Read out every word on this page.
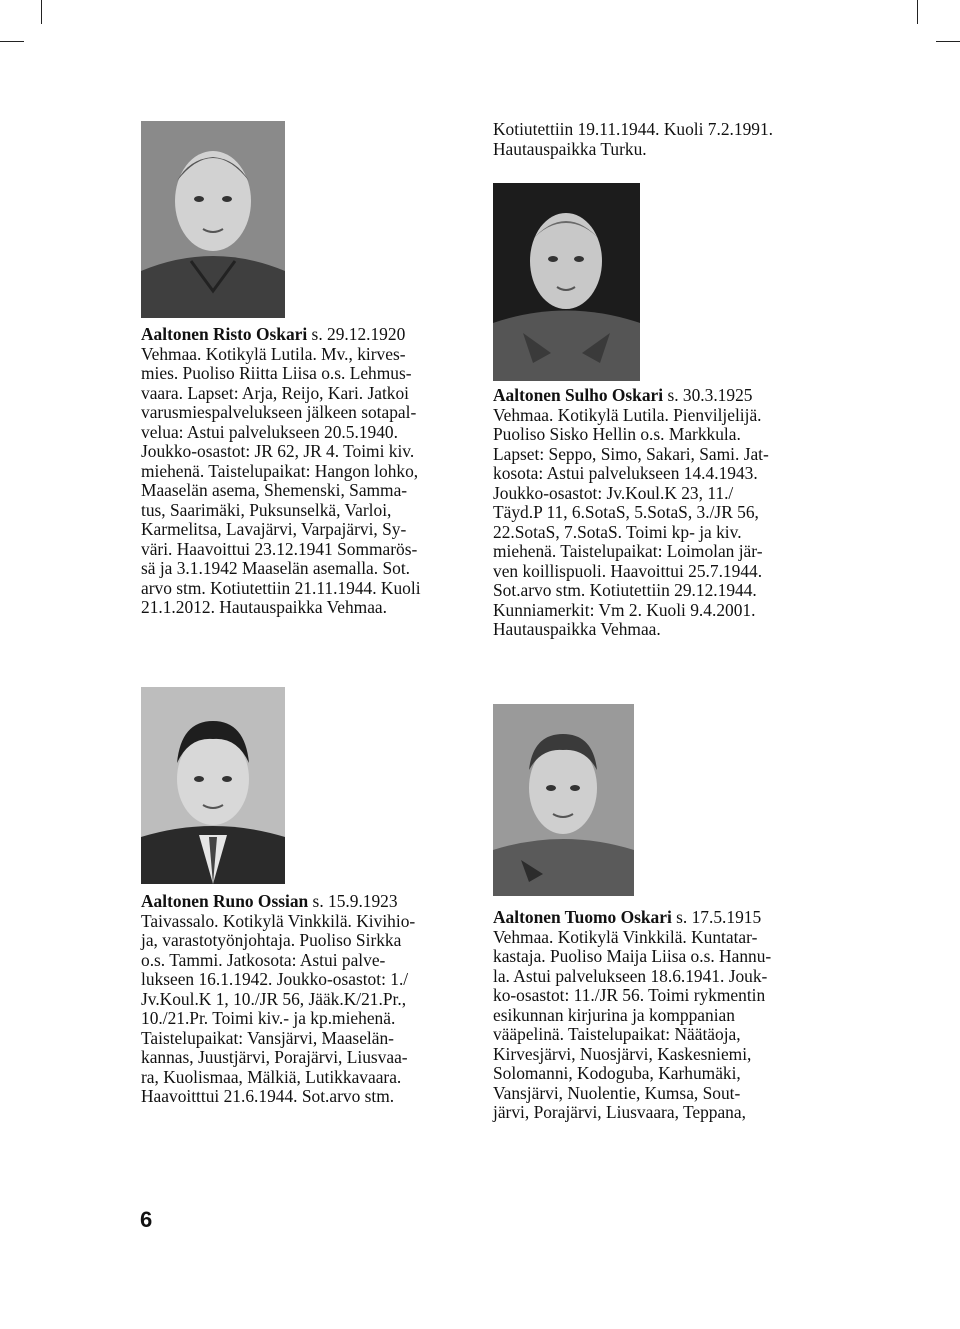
Kotiutettiin 19.11.1944. Kuoli 7.2.1991.

Hautauspaikka Turku.

Aaltonen Risto Oskari s. 29.12.1920

Vehmaa. Kotikylä Lutila. Mv., kirves-

mies. Puoliso Riitta Liisa o.s. Lehmus-

vaara. Lapset: Arja, Reijo, Kari. Jatkoi

varusmiespalvelukseen jälkeen sotapal-

velua: Astui palvelukseen 20.5.1940.

Joukko-osastot: JR 62, JR 4. Toimi kiv.

miehenä. Taistelupaikat: Hangon lohko,

Maaselän asema, Shemenski, Samma-

tus, Saarimäki, Puksunselkä, Varloi,

Karmelitsa, Lavajärvi, Varpajärvi, Sy-

väri. Haavoittui 23.12.1941 Sommarös-

sä ja 3.1.1942 Maaselän asemalla. Sot.

arvo stm. Kotiutettiin 21.11.1944. Kuoli

21.1.2012. Hautauspaikka Vehmaa.

Aaltonen Sulho Oskari s. 30.3.1925

Vehmaa. Kotikylä Lutila. Pienviljelijä.

Puoliso Sisko Hellin o.s. Markkula.

Lapset: Seppo, Simo, Sakari, Sami. Jat-

kosota: Astui palvelukseen 14.4.1943.

Joukko-osastot: Jv.Koul.K 23, 11./

Täyd.P 11, 6.SotaS, 5.SotaS, 3./JR 56,

22.SotaS, 7.SotaS. Toimi kp- ja kiv.

miehenä. Taistelupaikat: Loimolan jär-

ven koillispuoli. Haavoittui 25.7.1944.

Sot.arvo stm. Kotiutettiin 29.12.1944.

Kunniamerkit: Vm 2. Kuoli 9.4.2001.

Hautauspaikka Vehmaa.

Aaltonen Runo Ossian s. 15.9.1923

Taivassalo. Kotikylä Vinkkilä. Kivihio-

ja, varastotyönjohtaja. Puoliso Sirkka

o.s. Tammi. Jatkosota: Astui palve-

lukseen 16.1.1942. Joukko-osastot: 1./

Jv.Koul.K 1, 10./JR 56, Jääk.K/21.Pr.,

10./21.Pr. Toimi kiv.- ja kp.miehenä.

Taistelupaikat: Vansjärvi, Maaselän-

kannas, Juustjärvi, Porajärvi, Liusvaa-

ra, Kuolismaa, Mälkiä, Lutikkavaara.

Haavoitttui 21.6.1944. Sot.arvo stm.

Aaltonen Tuomo Oskari s. 17.5.1915

Vehmaa. Kotikylä Vinkkilä. Kuntatar-

kastaja. Puoliso Maija Liisa o.s. Hannu-

la. Astui palvelukseen 18.6.1941. Jouk-

ko-osastot: 11./JR 56. Toimi rykmentin

esikunnan kirjurina ja komppanian

vääpelinä. Taistelupaikat: Näätäoja,

Kirvesjärvi, Nuosjärvi, Kaskesniemi,

Solomanni, Kodoguba, Karhumäki,

Vansjärvi, Nuolentie, Kumsa, Sout-

järvi, Porajärvi, Liusvaara, Teppana,

6
